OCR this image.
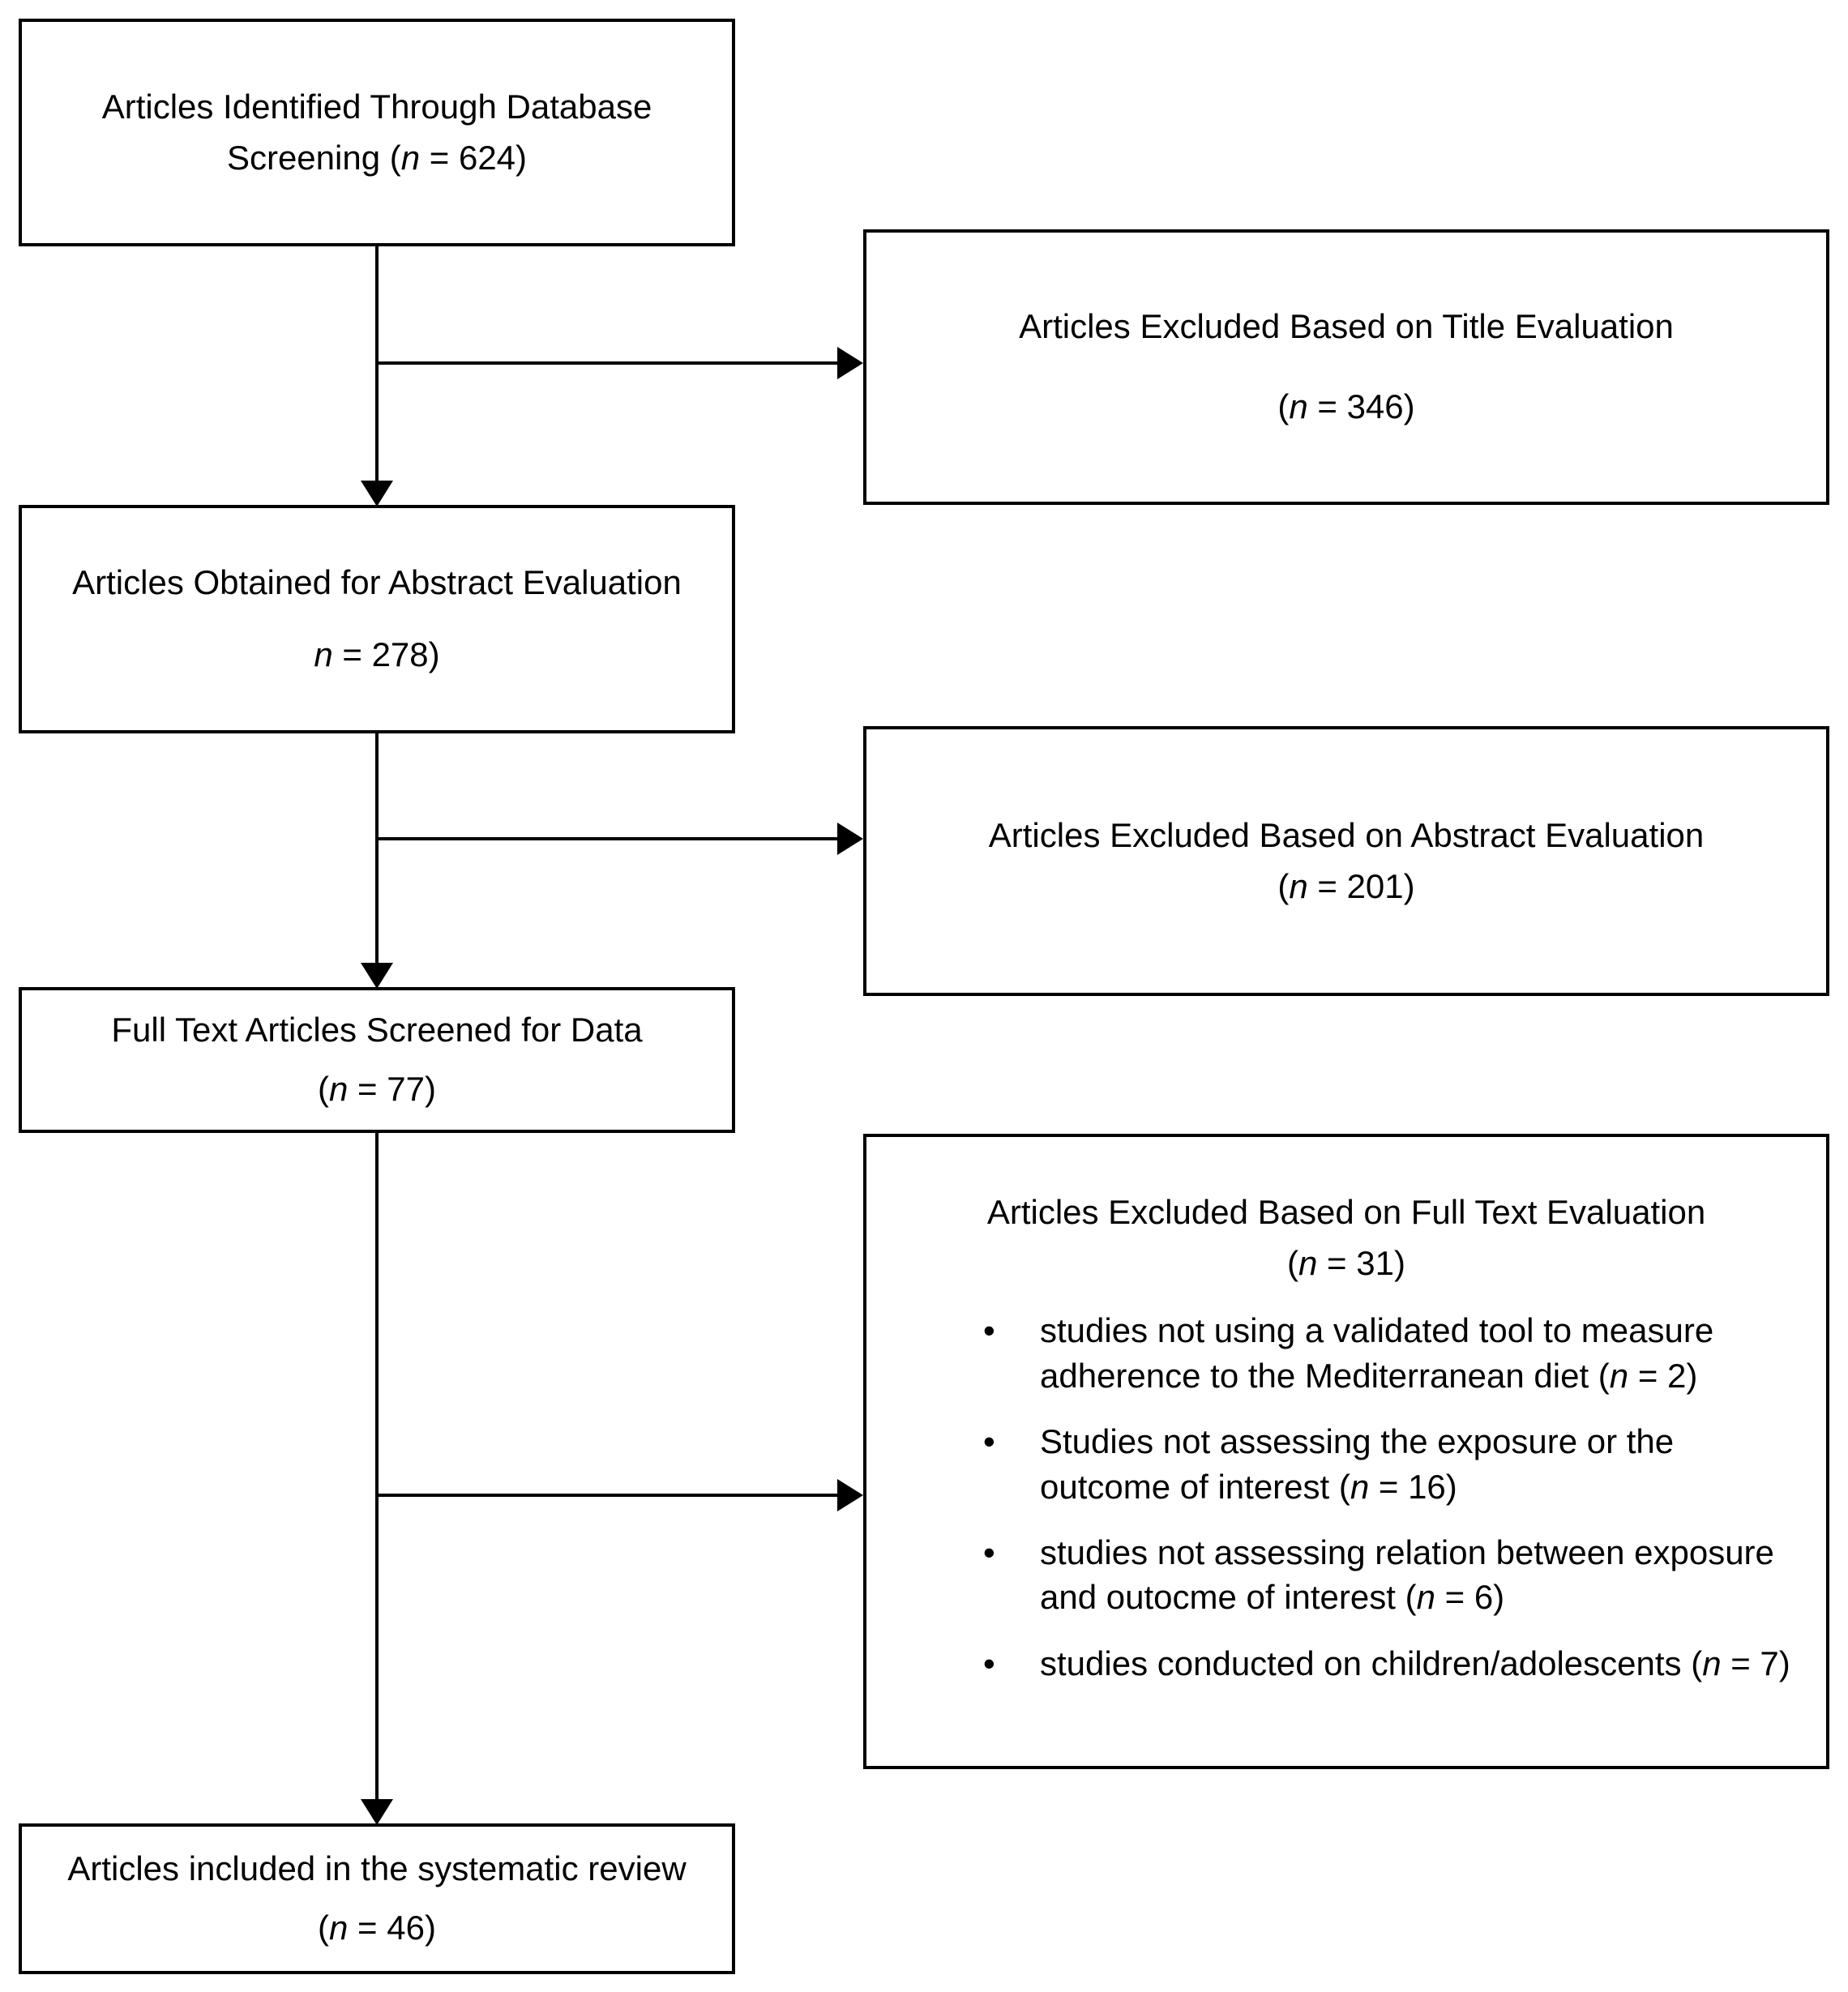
Articles Identified Through Database
Screening (n = 624)
Articles Obtained for Abstract Evaluation
n = 278)
Full Text Articles Screened for Data
(n = 77)
Articles included in the systematic review
(n = 46)
Articles Excluded Based on Title Evaluation
(n = 346)
Articles Excluded Based on Abstract Evaluation
(n = 201)
Articles Excluded Based on Full Text Evaluation
(n = 31)
•	studies not using a validated tool to measure adherence to the Mediterranean diet (n = 2)
•	Studies not assessing the exposure or the outcome of interest (n = 16)
•	studies not assessing relation between exposure and outocme of interest (n = 6)
•	studies conducted on children/adolescents (n = 7)
